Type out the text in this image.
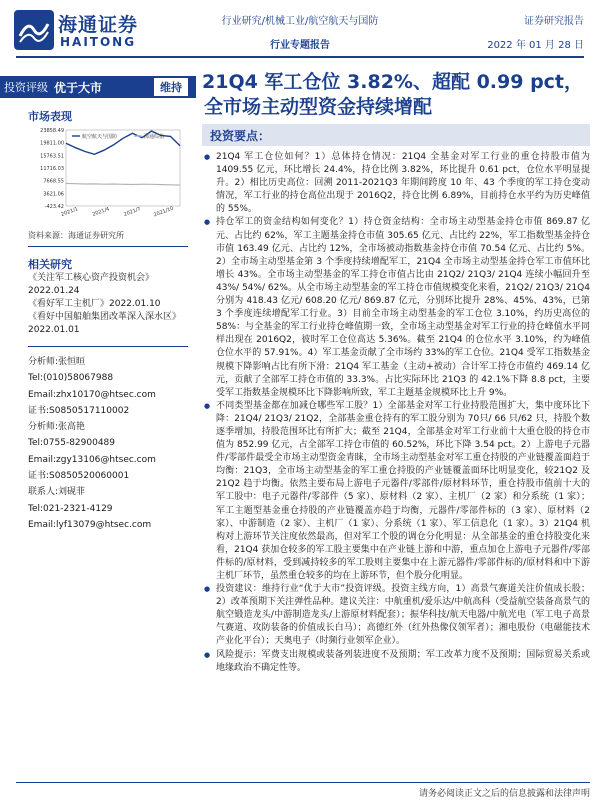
海通证券
HAITONG
行业研究/机械工业/航空航天与国防
行业专题报告
证券研究报告
2022 年 01 月 28 日
投资评级 优于大市	维持
市场表现
23858.49
19811.00
15763.51
11716.03
7668.55
3621.06
-423.42
2021/1	2021/4	2021/7 2021/10
航空航天与国防	海通综指
资料来源：海通证券研究所
相关研究
《关注军工核心资产投资机会》
2022.01.24
《看好军工主机厂》2022.01.10
《看好中国船舶集团改革深入深水区》
2022.01.01
分析师:张恒晅
Tel:(010)58067988
Email:zhx10170@htsec.com
证书:S0850517110002
分析师:张高艳
Tel:0755-82900489
Email:zgy13106@htsec.com
证书:S0850520060001
联系人:刘砚菲
Tel:021-2321-4129
Email:lyf13079@htsec.com
21Q4 军工仓位 3.82%、超配 0.99 pct，
全市场主动型资金持续增配
投资要点：
● 21Q4 军工仓位如何？1）总体持仓情况：21Q4 全基金对军工行业的重仓持股市值为 1409.55 亿元，环比增长 24.4%，持仓比例 3.82%，环比提升 0.61 pct，仓位水平明显提升。2）相比历史高位：回溯 2011-2021Q3 年期间跨度 10 年、43 个季度的军工持仓变动情况，军工行业的持仓高位出现于 2016Q2，持仓比例 6.89%，目前持仓水平约为历史峰值的 55%。
● 持仓军工的资金结构如何变化？1）持仓资金结构：全市场主动型基金持仓市值 869.87 亿元、占比约 62%，军工主题基金持仓市值 305.65 亿元、占比约 22%，军工指数型基金持仓市值 163.49 亿元、占比约 12%，全市场被动指数基金持仓市值 70.54 亿元、占比约 5%。2）全市场主动型基金第 3 个季度持续增配军工，21Q4 全市场主动型基金持仓军工市值环比增长 43%。全市场主动型基金的军工持仓市值占比由 21Q2/ 21Q3/ 21Q4 连续小幅回升至 43%/ 54%/ 62%。从全市场主动型基金的军工持仓市值规模变化来看，21Q2/ 21Q3/ 21Q4 分别为 418.43 亿元/ 608.20 亿元/ 869.87 亿元，分别环比提升 28%、45%、43%，已第 3 个季度连续增配军工行业。3）目前全市场主动型基金的军工仓位 3.10%，约历史高位的 58%：与全基金的军工行业持仓峰值期一致，全市场主动型基金对军工行业的持仓峰值水平同样出现在 2016Q2，彼时军工仓位高达 5.36%。截至 21Q4 的仓位水平 3.10%，约为峰值仓位水平的 57.91%。4）军工基金贡献了全市场约 33%的军工仓位。21Q4 受军工指数基金规模下降影响占比有所下滑：21Q4 军工基金（主动+被动）合计军工持仓市值约 469.14 亿元，贡献了全部军工持仓市值的 33.3%。占比实际环比 21Q3 的 42.1%下降 8.8 pct，主要受军工指数基金规模环比下降影响所致，军工主题基金规模环比上升 9%。
● 不同类型基金都在加减仓哪些军工股？1）全部基金对军工行业持股范围扩大，集中度环比下降：21Q4/ 21Q3/ 21Q2，全部基金重仓持有的军工股分别为 70只/ 66 只/62 只，持股个数逐季增加，持股范围环比有所扩大；截至 21Q4，全部基金对军工行业前十大重仓股的持仓市值为 852.99 亿元，占全部军工持仓市值的 60.52%，环比下降 3.54 pct。2）上游电子元器件/零部件最受全市场主动型资金青睐，全市场主动型基金对军工重仓持股的产业链覆盖面趋于均衡：21Q3，全市场主动型基金的军工重仓持股的产业链覆盖面环比明显变化，较21Q2 及 21Q2 趋于均衡。依然主要布局上游电子元器件/零部件/原材料环节，重仓持股市值前十大的军工股中：电子元器件/零部件（5 家）、原材料（2 家）、主机厂（2 家）和分系统（1 家）；军工主题型基金重仓持股的产业链覆盖亦趋于均衡，元器件/零部件标的（3 家）、原材料（2 家）、中游制造（2 家）、主机厂（1 家）、分系统（1 家）、军工信息化（1 家）。3）21Q4 机构对上游环节关注度依然最高，但对军工个股的调仓分化明显：从全部基金的重仓持股变化来看，21Q4 获加仓较多的军工股主要集中在产业链上游和中游，重点加仓上游电子元器件/零部件标的/原材料，受到减持较多的军工股则主要集中在上游元器件/零部件标的/原材料和中下游主机厂环节，虽然重仓较多的均在上游环节，但个股分化明显。
● 投资建议：维持行业“优于大市”投资评级。投资主线方向，1）高景气赛道关注价值成长股；2）改革预期下关注弹性品种。建议关注：中航重机/爱乐达/中航高科（受益航空装备高景气的航空锻造龙头/中游制造龙头/上游原材料配套）；振华科技/航天电器/中航光电（军工电子高景气赛道、攻防装备的价值成长白马）；高德红外（红外热像仪领军者）；湘电股份（电磁能技术产业化平台）；天奥电子（时频行业领军企业）。
● 风险提示：军费支出规模或装备列装进度不及预期；军工改革力度不及预期；国际贸易关系或地缘政治不确定性等。
请务必阅读正文之后的信息披露和法律声明
